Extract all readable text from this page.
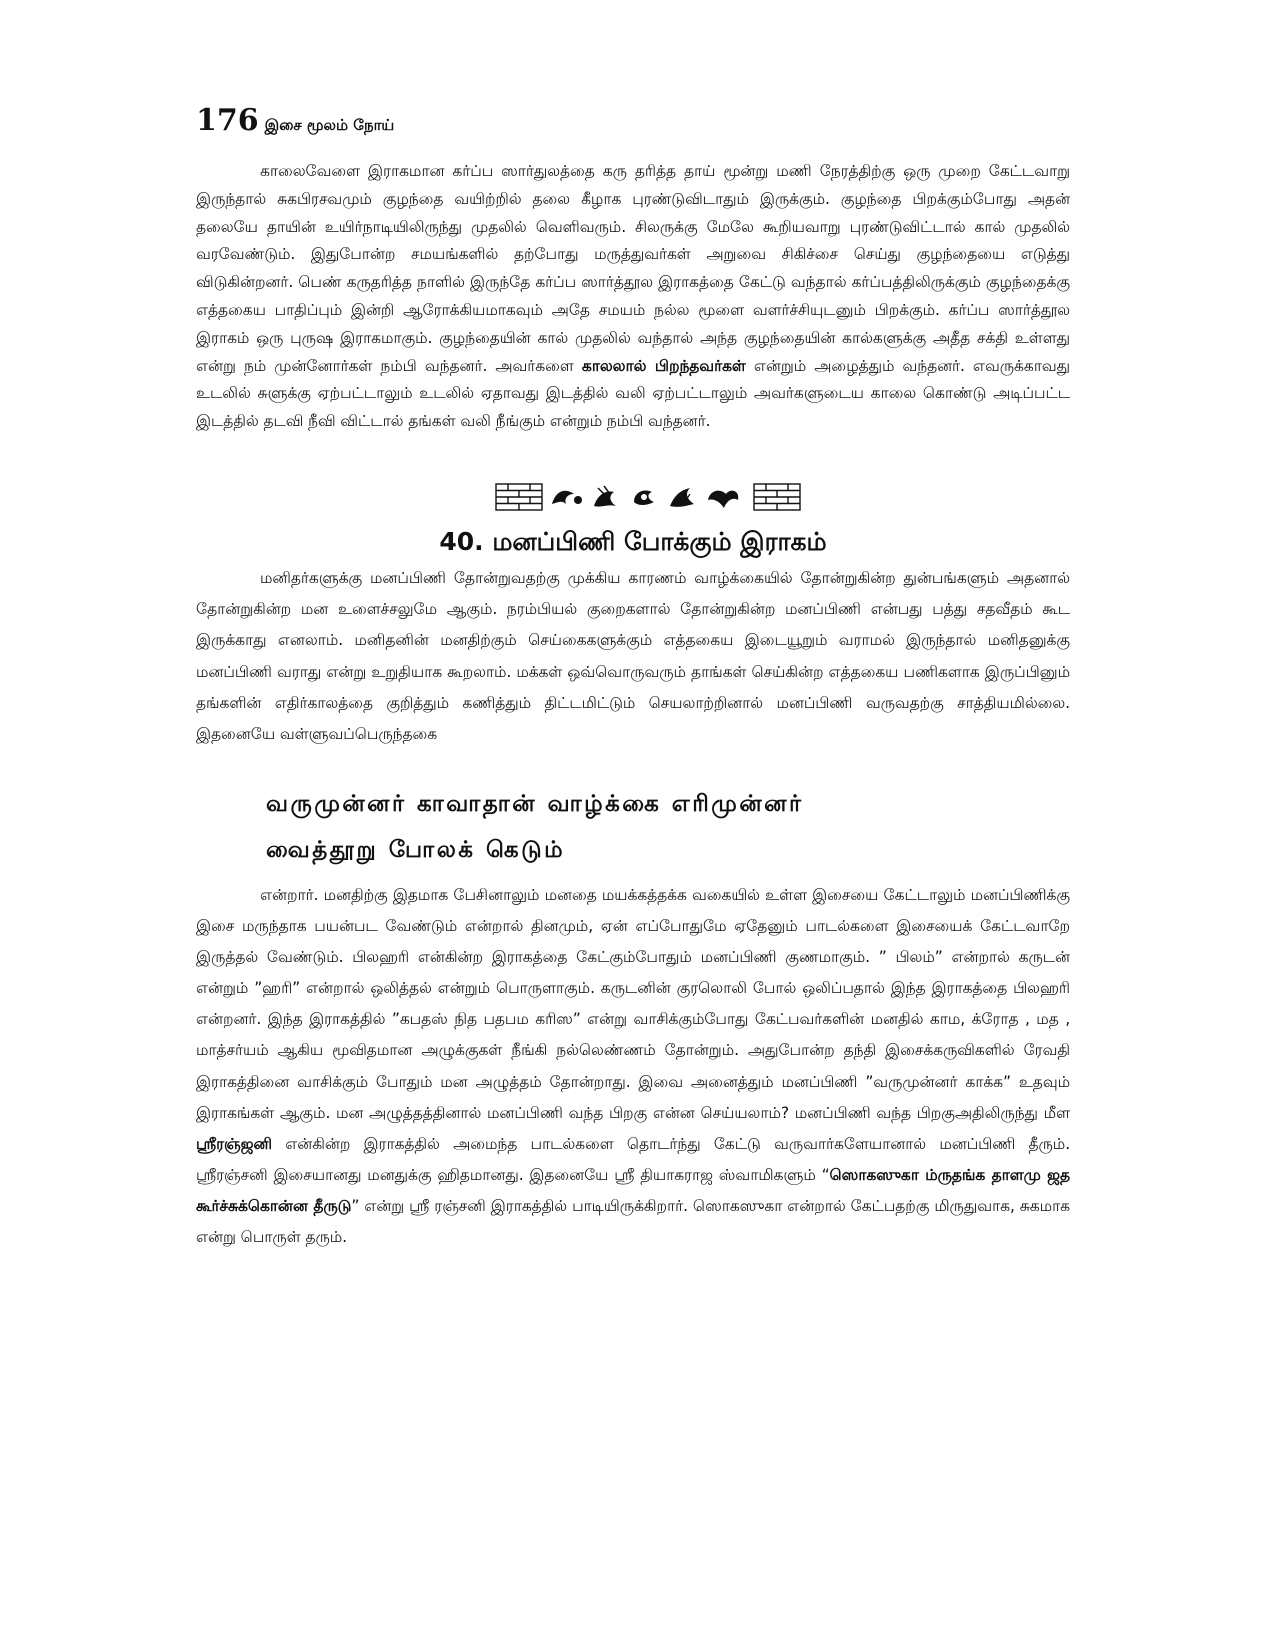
176 இசை மூலம் நோய்

காலைவேளை இராகமான கர்ப்ப ஸார்துலத்தை கரு தரித்த தாய் மூன்று மணி நேரத்திற்கு ஒரு முறை கேட்டவாறு இருந்தால் சுகபிரசவமும் குழந்தை வயிற்றில் தலை கீழாக புரண்டுவிடாதும் இருக்கும். குழந்தை பிறக்கும்போது அதன் தலையே தாயின் உயிர்நாடியிலிருந்து முதலில் வெளிவரும். சிலருக்கு மேலே கூறியவாறு புரண்டுவிட்டால் கால் முதலில் வரவேண்டும். இதுபோன்ற சமயங்களில் தற்போது மருத்துவர்கள் அறுவை சிகிச்சை செய்து குழந்தையை எடுத்து விடுகின்றனர். பெண் கருதரித்த நாளில் இருந்தே கர்ப்ப ஸார்த்தூல இராகத்தை கேட்டு வந்தால் கர்ப்பத்திலிருக்கும் குழந்தைக்கு எத்தகைய பாதிப்பும் இன்றி ஆரோக்கியமாகவும் அதே சமயம் நல்ல மூளை வளர்ச்சியுடனும் பிறக்கும். கர்ப்ப ஸார்த்தூல இராகம் ஒரு புருஷ இராகமாகும். குழந்தையின் கால் முதலில் வந்தால் அந்த குழந்தையின் கால்களுக்கு அதீத சக்தி உள்ளது என்று நம் முன்னோர்கள் நம்பி வந்தனர். அவர்களை காலலால் பிறந்தவர்கள் என்றும் அழைத்தும் வந்தனர். எவருக்காவது உடலில் சுளுக்கு ஏற்பட்டாலும் உடலில் ஏதாவது இடத்தில் வலி ஏற்பட்டாலும் அவர்களுடைய காலை கொண்டு அடிப்பட்ட இடத்தில் தடவி நீவி விட்டால் தங்கள் வலி நீங்கும் என்றும் நம்பி வந்தனர்.

40. மனப்பிணி போக்கும் இராகம்

மனிதர்களுக்கு மனப்பிணி தோன்றுவதற்கு முக்கிய காரணம் வாழ்க்கையில் தோன்றுகின்ற துன்பங்களும் அதனால் தோன்றுகின்ற மன உளைச்சலுமே ஆகும். நரம்பியல் குறைகளால் தோன்றுகின்ற மனப்பிணி என்பது பத்து சதவீதம் கூட இருக்காது எனலாம். மனிதனின் மனதிற்கும் செய்கைகளுக்கும் எத்தகைய இடையூறும் வராமல் இருந்தால் மனிதனுக்கு மனப்பிணி வராது என்று உறுதியாக கூறலாம். மக்கள் ஒவ்வொருவரும் தாங்கள் செய்கின்ற எத்தகைய பணிகளாக இருப்பினும் தங்களின் எதிர்காலத்தை குறித்தும் கணித்தும் திட்டமிட்டும் செயலாற்றினால் மனப்பிணி வருவதற்கு சாத்தியமில்லை. இதனையே வள்ளுவப்பெருந்தகை

வருமுன்னர் காவாதான் வாழ்க்கை எரிமுன்னர்
வைத்தூறு போலக் கெடும்

என்றார். மனதிற்கு இதமாக பேசினாலும் மனதை மயக்கத்தக்க வகையில் உள்ள இசையை கேட்டாலும் மனப்பிணிக்கு இசை மருந்தாக பயன்பட வேண்டும் என்றால் தினமும், ஏன் எப்போதுமே ஏதேனும் பாடல்களை இசையைக் கேட்டவாறே இருத்தல் வேண்டும். பிலஹரி என்கின்ற இராகத்தை கேட்கும்போதும் மனப்பிணி குணமாகும். ” பிலம்” என்றால் கருடன் என்றும் ”ஹரி” என்றால் ஒலித்தல் என்றும் பொருளாகும். கருடனின் குரலொலி போல் ஒலிப்பதால் இந்த இராகத்தை பிலஹரி என்றனர். இந்த இராகத்தில் ”கபதஸ் நித பதபம கரிஸ” என்று வாசிக்கும்போது கேட்பவர்களின் மனதில் காம, க்ரோத , மத , மாத்சர்யம் ஆகிய மூவிதமான அழுக்குகள் நீங்கி நல்லெண்ணம் தோன்றும். அதுபோன்ற தந்தி இசைக்கருவிகளில் ரேவதி இராகத்தினை வாசிக்கும் போதும் மன அழுத்தம் தோன்றாது. இவை அனைத்தும் மனப்பிணி ”வருமுன்னர் காக்க” உதவும் இராகங்கள் ஆகும். மன அழுத்தத்தினால் மனப்பிணி வந்த பிறகு என்ன செய்யலாம்? மனப்பிணி வந்த பிறகுஅதிலிருந்து மீள ஸ்ரீரஞ்ஜனி என்கின்ற இராகத்தில் அமைந்த பாடல்களை தொடர்ந்து கேட்டு வருவார்களேயானால் மனப்பிணி தீரும். ஸ்ரீரஞ்சனி இசையானது மனதுக்கு ஹிதமானது. இதனையே ஸ்ரீ தியாகராஜ ஸ்வாமிகளும் “ஸொகஸுகா ம்ருதங்க தாளமு ஜத கூர்ச்சுக்கொன்ன தீருடு” என்று ஸ்ரீ ரஞ்சனி இராகத்தில் பாடியிருக்கிறார். ஸொகஸுகா என்றால் கேட்பதற்கு மிருதுவாக, சுகமாக என்று பொருள் தரும்.
